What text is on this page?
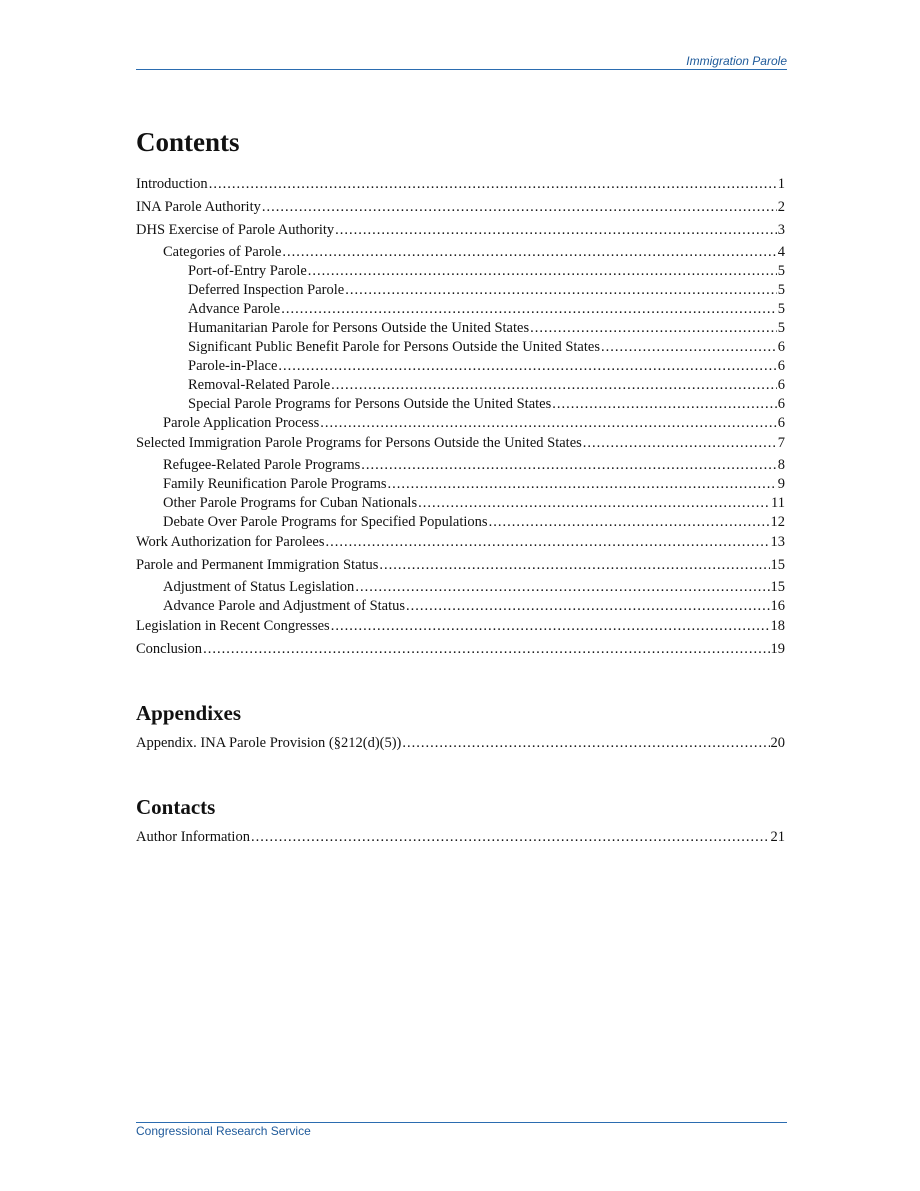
Immigration Parole
Contents
Introduction .....	1
INA Parole Authority .....	2
DHS Exercise of Parole Authority .....	3
Categories of Parole .....	4
Port-of-Entry Parole .....	5
Deferred Inspection Parole .....	5
Advance Parole .....	5
Humanitarian Parole for Persons Outside the United States .....	5
Significant Public Benefit Parole for Persons Outside the United States .....	6
Parole-in-Place .....	6
Removal-Related Parole .....	6
Special Parole Programs for Persons Outside the United States .....	6
Parole Application Process .....	6
Selected Immigration Parole Programs for Persons Outside the United States .....	7
Refugee-Related Parole Programs .....	8
Family Reunification Parole Programs .....	9
Other Parole Programs for Cuban Nationals .....	11
Debate Over Parole Programs for Specified Populations .....	12
Work Authorization for Parolees .....	13
Parole and Permanent Immigration Status .....	15
Adjustment of Status Legislation .....	15
Advance Parole and Adjustment of Status .....	16
Legislation in Recent Congresses .....	18
Conclusion .....	19
Appendixes
Appendix. INA Parole Provision (§212(d)(5)) .....	20
Contacts
Author Information .....	21
Congressional Research Service
